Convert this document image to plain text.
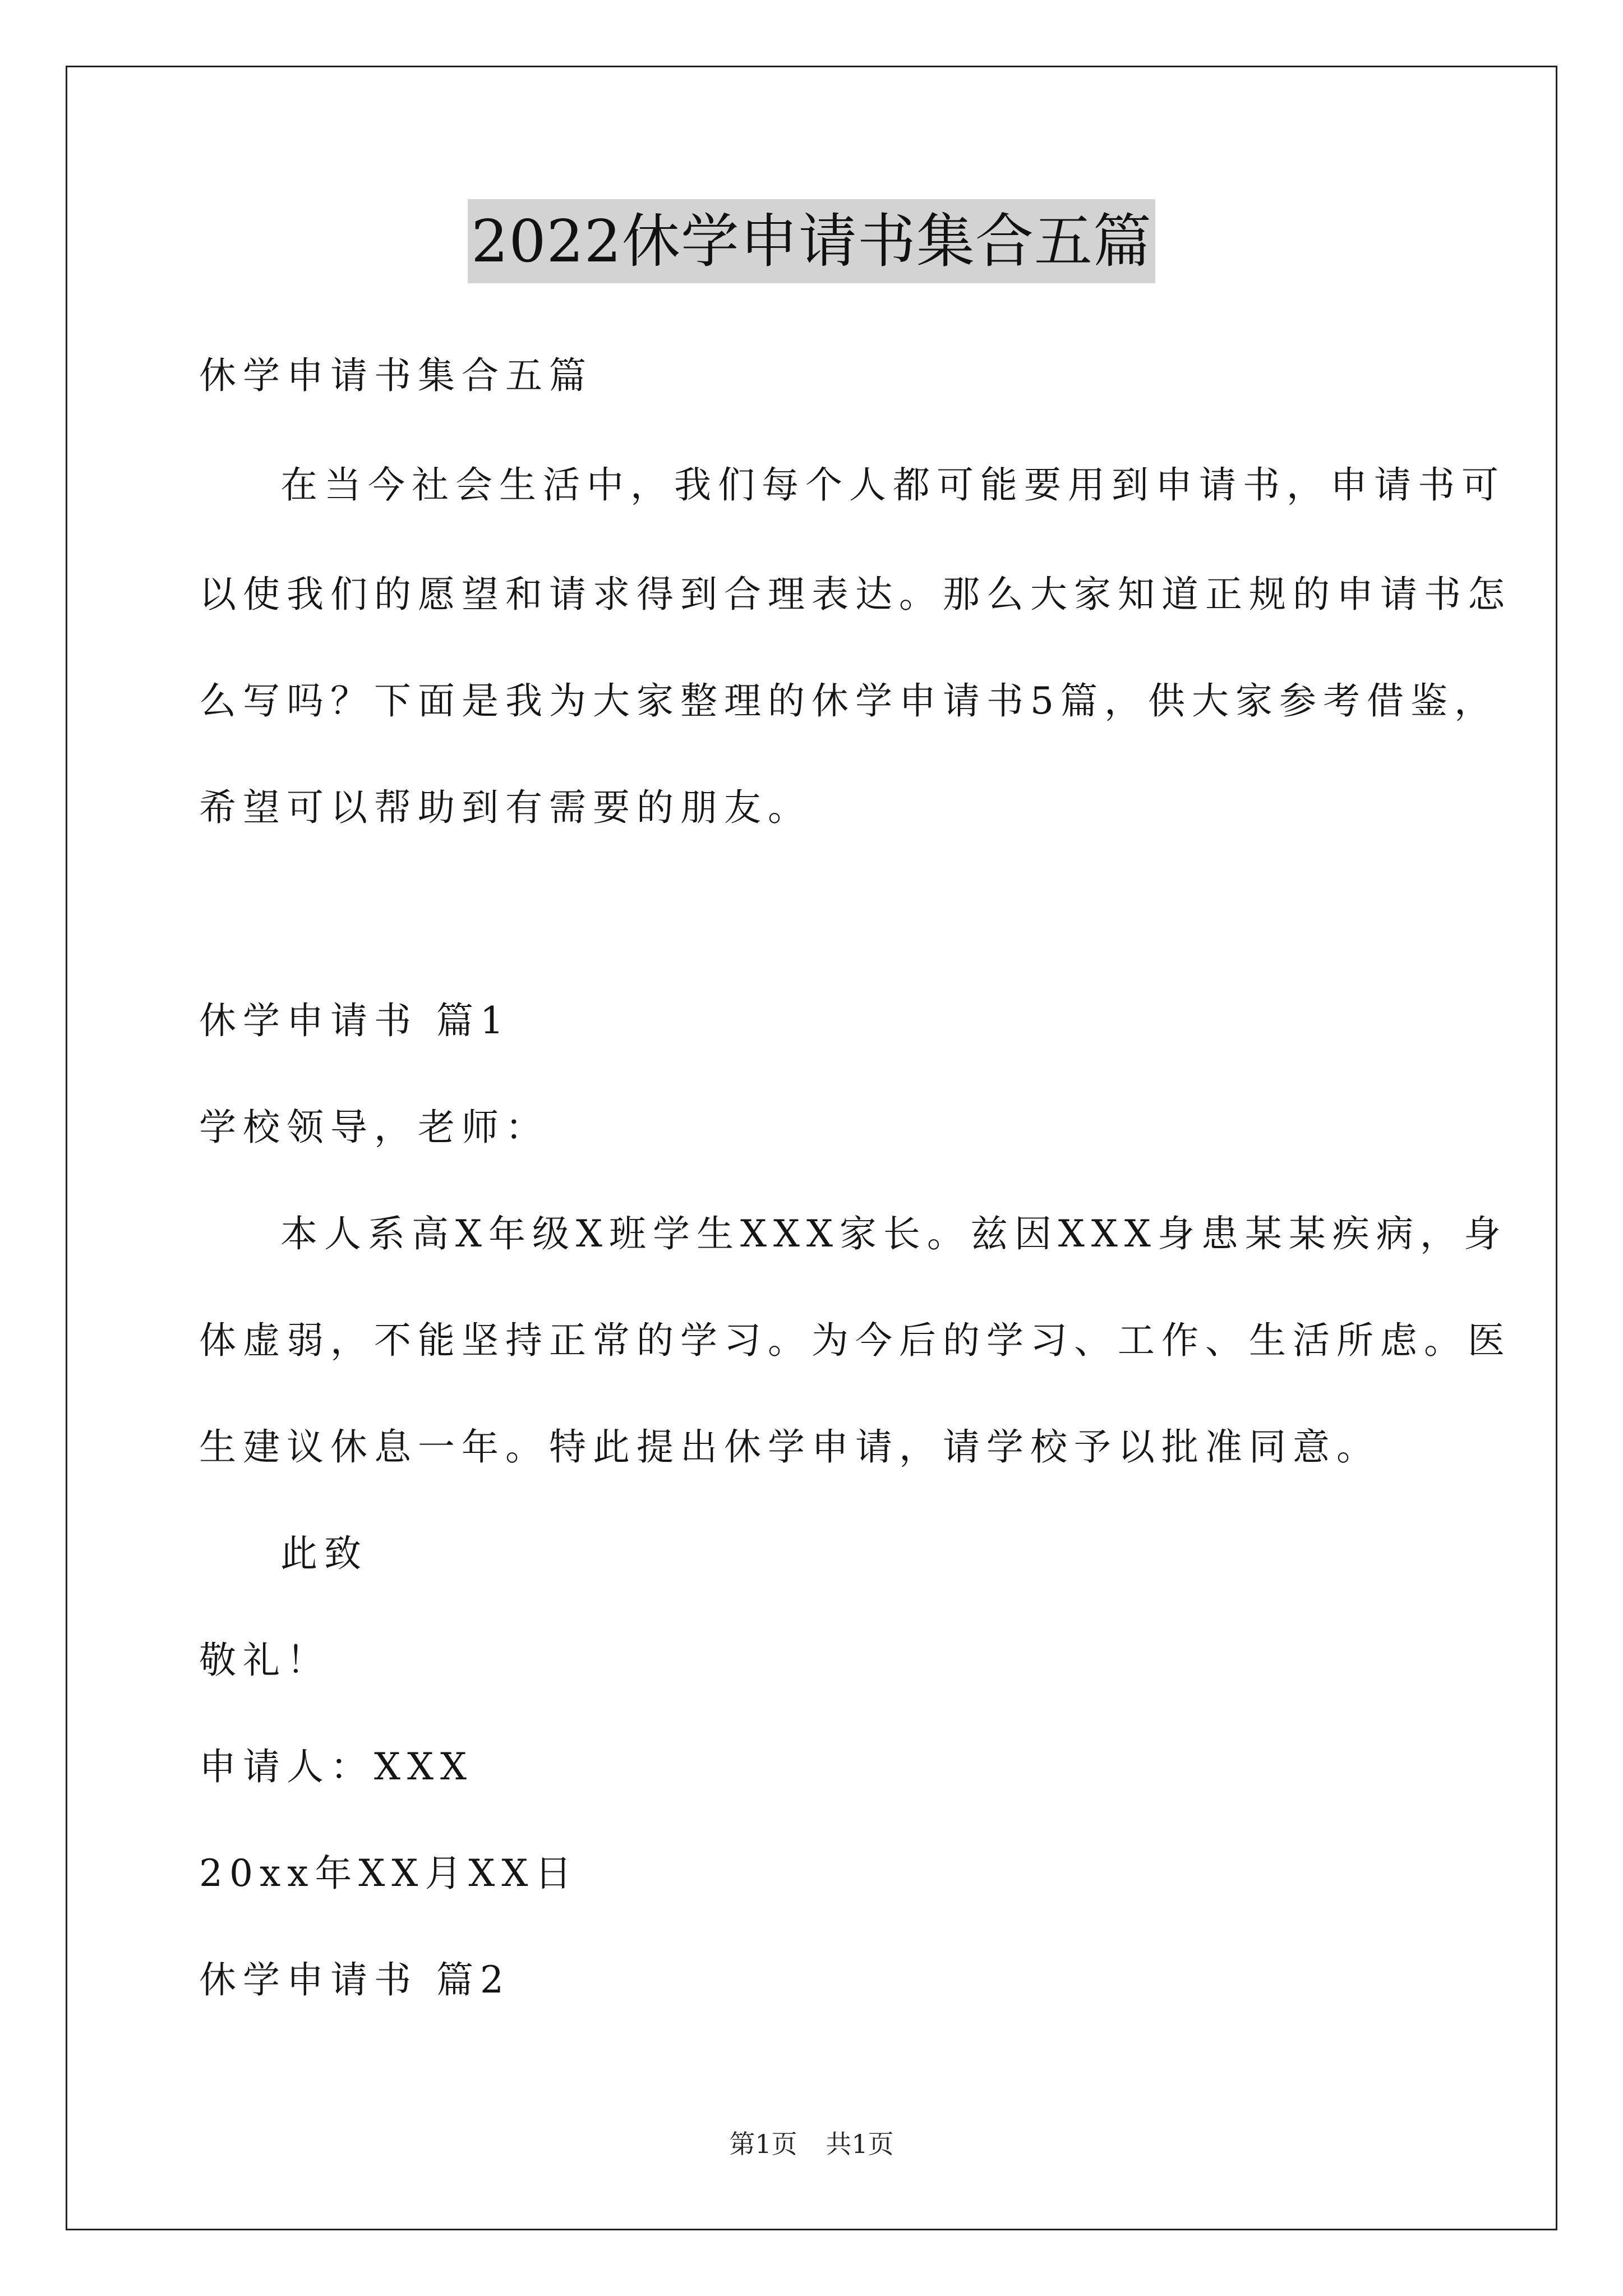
2022休学申请书集合五篇
休学申请书集合五篇
在当今社会生活中，我们每个人都可能要用到申请书，申请书可
以使我们的愿望和请求得到合理表达。那么大家知道正规的申请书怎
么写吗？下面是我为大家整理的休学申请书5篇，供大家参考借鉴，
希望可以帮助到有需要的朋友。
休学申请书 篇1
学校领导，老师：
本人系高X年级X班学生XXX家长。兹因XXX身患某某疾病，身
体虚弱，不能坚持正常的学习。为今后的学习、工作、生活所虑。医
生建议休息一年。特此提出休学申请，请学校予以批准同意。
此致
敬礼！
申请人：XXX
20xx年XX月XX日
休学申请书 篇2
第1页 共1页
